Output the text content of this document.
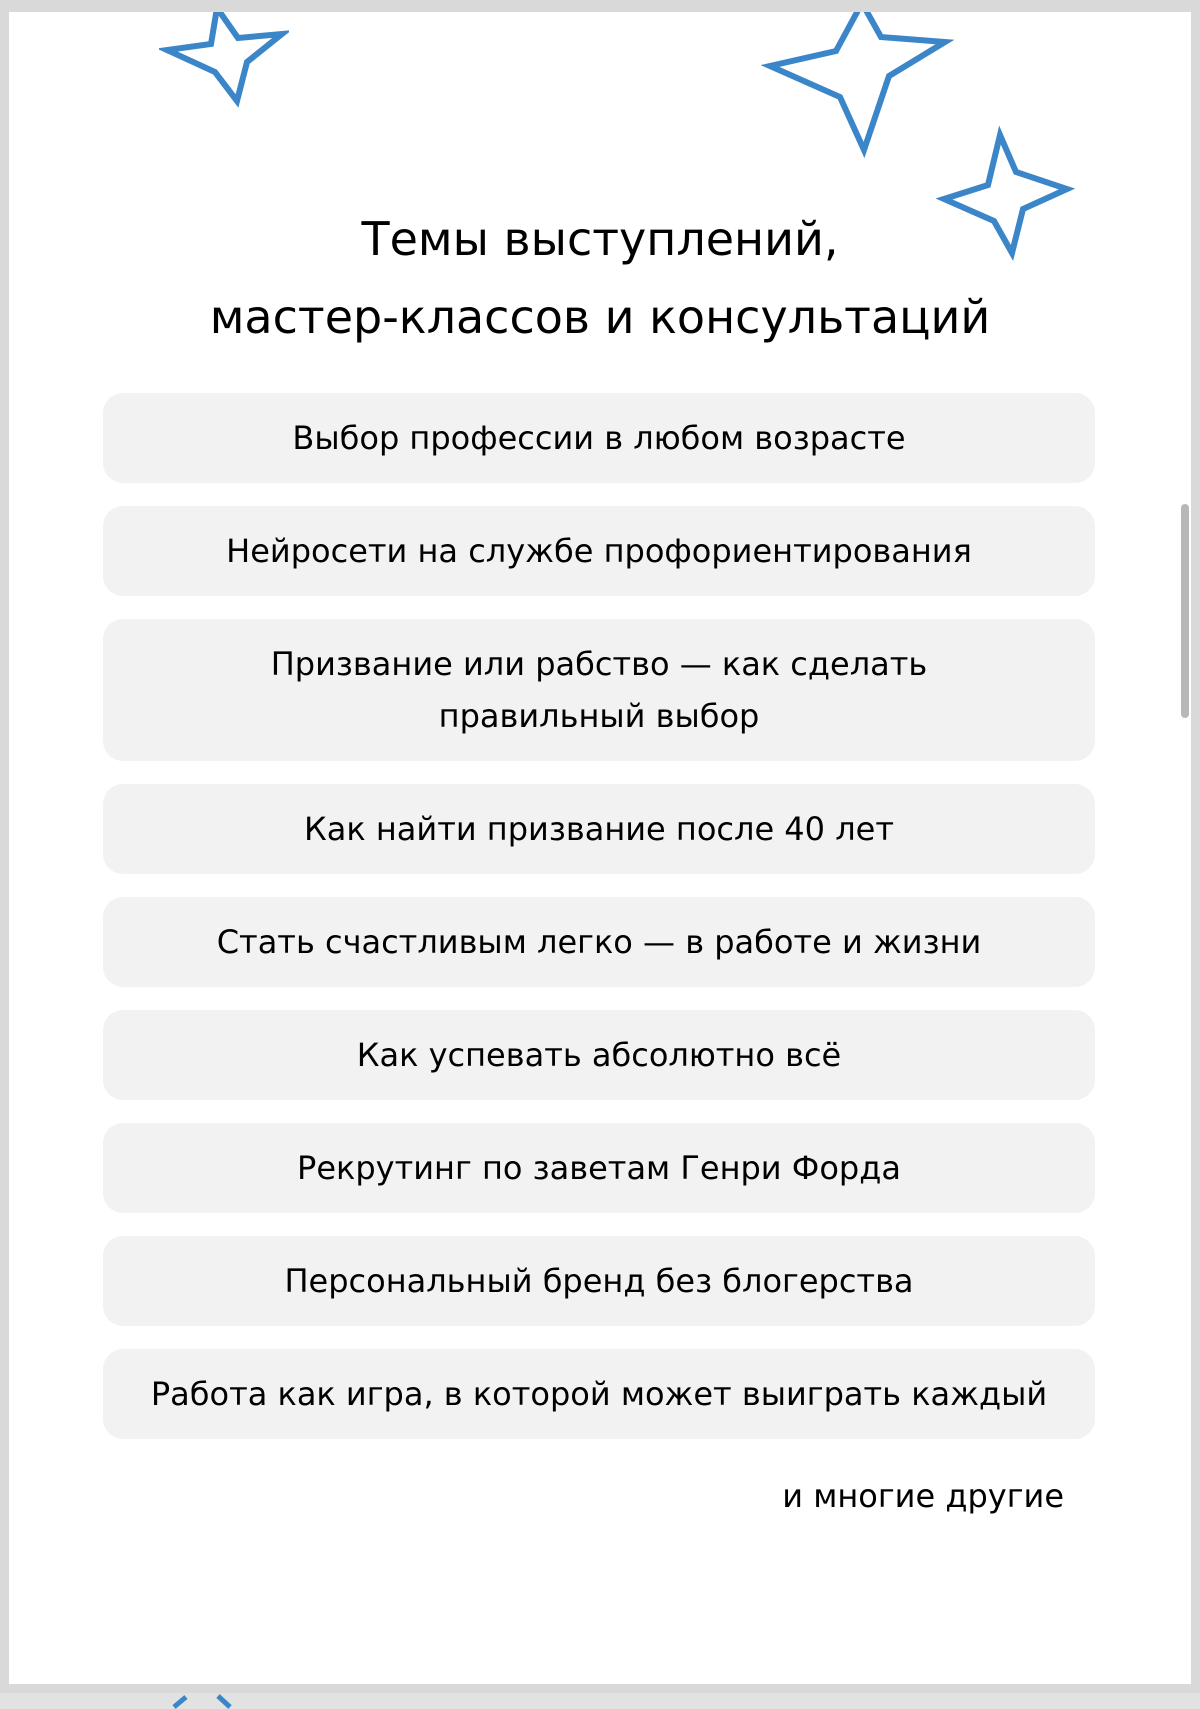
Темы выступлений,
мастер-классов и консультаций
Выбор профессии в любом возрасте
Нейросети на службе профориентирования
Призвание или рабство — как сделать
правильный выбор
Как найти призвание после 40 лет
Стать счастливым легко — в работе и жизни
Как успевать абсолютно всё
Рекрутинг по заветам Генри Форда
Персональный бренд без блогерства
Работа как игра, в которой может выиграть каждый
и многие другие
